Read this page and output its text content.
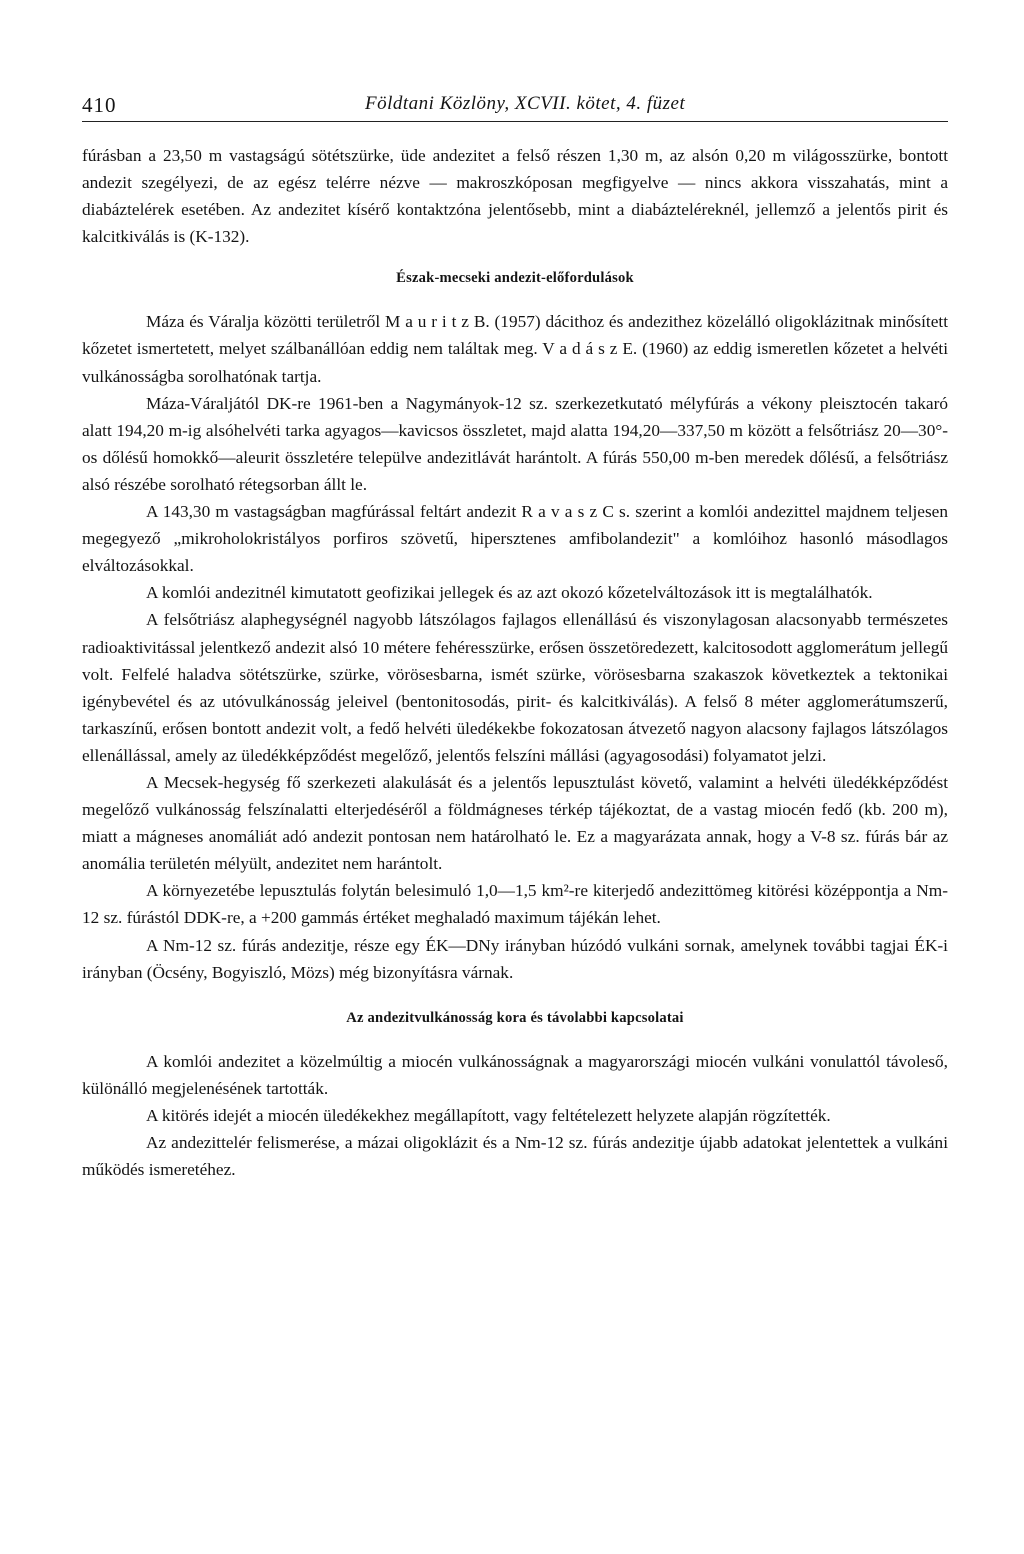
410	Földtani Közlöny, XCVII. kötet, 4. füzet

fúrásban a 23,50 m vastagságú sötétszürke, üde andezitet a felső részen 1,30 m, az alsón 0,20 m világosszürke, bontott andezit szegélyezi, de az egész telérre nézve — makroszkóposan megfigyelve — nincs akkora visszahatás, mint a diabáztelérek esetében. Az andezitet kísérő kontaktzóna jelentősebb, mint a diabázteléreknél, jellemző a jelentős pirit és kalcitkiválás is (K-132).

Észak-mecseki andezit-előfordulások

Máza és Váralja közötti területről M a u r i t z B. (1957) dácithoz és andezithez közelálló oligoklázitnak minősített kőzetet ismertetett, melyet szálbanállóan eddig nem találtak meg. V a d á s z E. (1960) az eddig ismeretlen kőzetet a helvéti vulkánosságba sorolhatónak tartja.

Máza-Váraljától DK-re 1961-ben a Nagymányok-12 sz. szerkezetkutató mélyfúrás a vékony pleisztocén takaró alatt 194,20 m-ig alsóhelvéti tarka agyagos—kavicsos összletet, majd alatta 194,20—337,50 m között a felsőtriász 20—30°-os dőlésű homokkő—aleurit összletére települve andezitlávát harántolt. A fúrás 550,00 m-ben meredek dőlésű, a felsőtriász alsó részébe sorolható rétegsorban állt le.

A 143,30 m vastagságban magfúrással feltárt andezit R a v a s z C s. szerint a komlói andezittel majdnem teljesen megegyező „mikroholokristályos porfiros szövetű, hipersztenes amfibolandezit" a komlóihoz hasonló másodlagos elváltozásokkal.

A komlói andezitnél kimutatott geofizikai jellegek és az azt okozó kőzetelváltozások itt is megtalálhatók.

A felsőtriász alaphegységnél nagyobb látszólagos fajlagos ellenállású és viszonylagosan alacsonyabb természetes radioaktivitással jelentkező andezit alsó 10 métere fehéresszürke, erősen összetöredezett, kalcitosodott agglomerátum jellegű volt. Felfelé haladva sötétszürke, szürke, vörösesbarna, ismét szürke, vörösesbarna szakaszok következtek a tektonikai igénybevétel és az utóvulkánosság jeleivel (bentonitosodás, pirit- és kalcitkiválás). A felső 8 méter agglomerátumszerű, tarkaszínű, erősen bontott andezit volt, a fedő helvéti üledékekbe fokozatosan átvezető nagyon alacsony fajlagos látszólagos ellenállással, amely az üledékképződést megelőző, jelentős felszíni mállási (agyagosodási) folyamatot jelzi.

A Mecsek-hegység fő szerkezeti alakulását és a jelentős lepusztulást követő, valamint a helvéti üledékképződést megelőző vulkánosság felszínalatti elterjedéséről a földmágneses térkép tájékoztat, de a vastag miocén fedő (kb. 200 m), miatt a mágneses anomáliát adó andezit pontosan nem határolható le. Ez a magyarázata annak, hogy a V-8 sz. fúrás bár az anomália területén mélyült, andezitet nem harántolt.

A környezetébe lepusztulás folytán belesimuló 1,0—1,5 km²-re kiterjedő andezittömeg kitörési középpontja a Nm-12 sz. fúrástól DDK-re, a +200 gammás értéket meghaladó maximum tájékán lehet.

A Nm-12 sz. fúrás andezitje, része egy ÉK—DNy irányban húzódó vulkáni sornak, amelynek további tagjai ÉK-i irányban (Öcsény, Bogyiszló, Mözs) még bizonyításra várnak.

Az andezitvulkánosság kora és távolabbi kapcsolatai

A komlói andezitet a közelmúltig a miocén vulkánosságnak a magyarországi miocén vulkáni vonulattól távoleső, különálló megjelenésének tartották.

A kitörés idejét a miocén üledékekhez megállapított, vagy feltételezett helyzete alapján rögzítették.

Az andezittelér felismerése, a mázai oligoklázit és a Nm-12 sz. fúrás andezitje újabb adatokat jelentettek a vulkáni működés ismeretéhez.
